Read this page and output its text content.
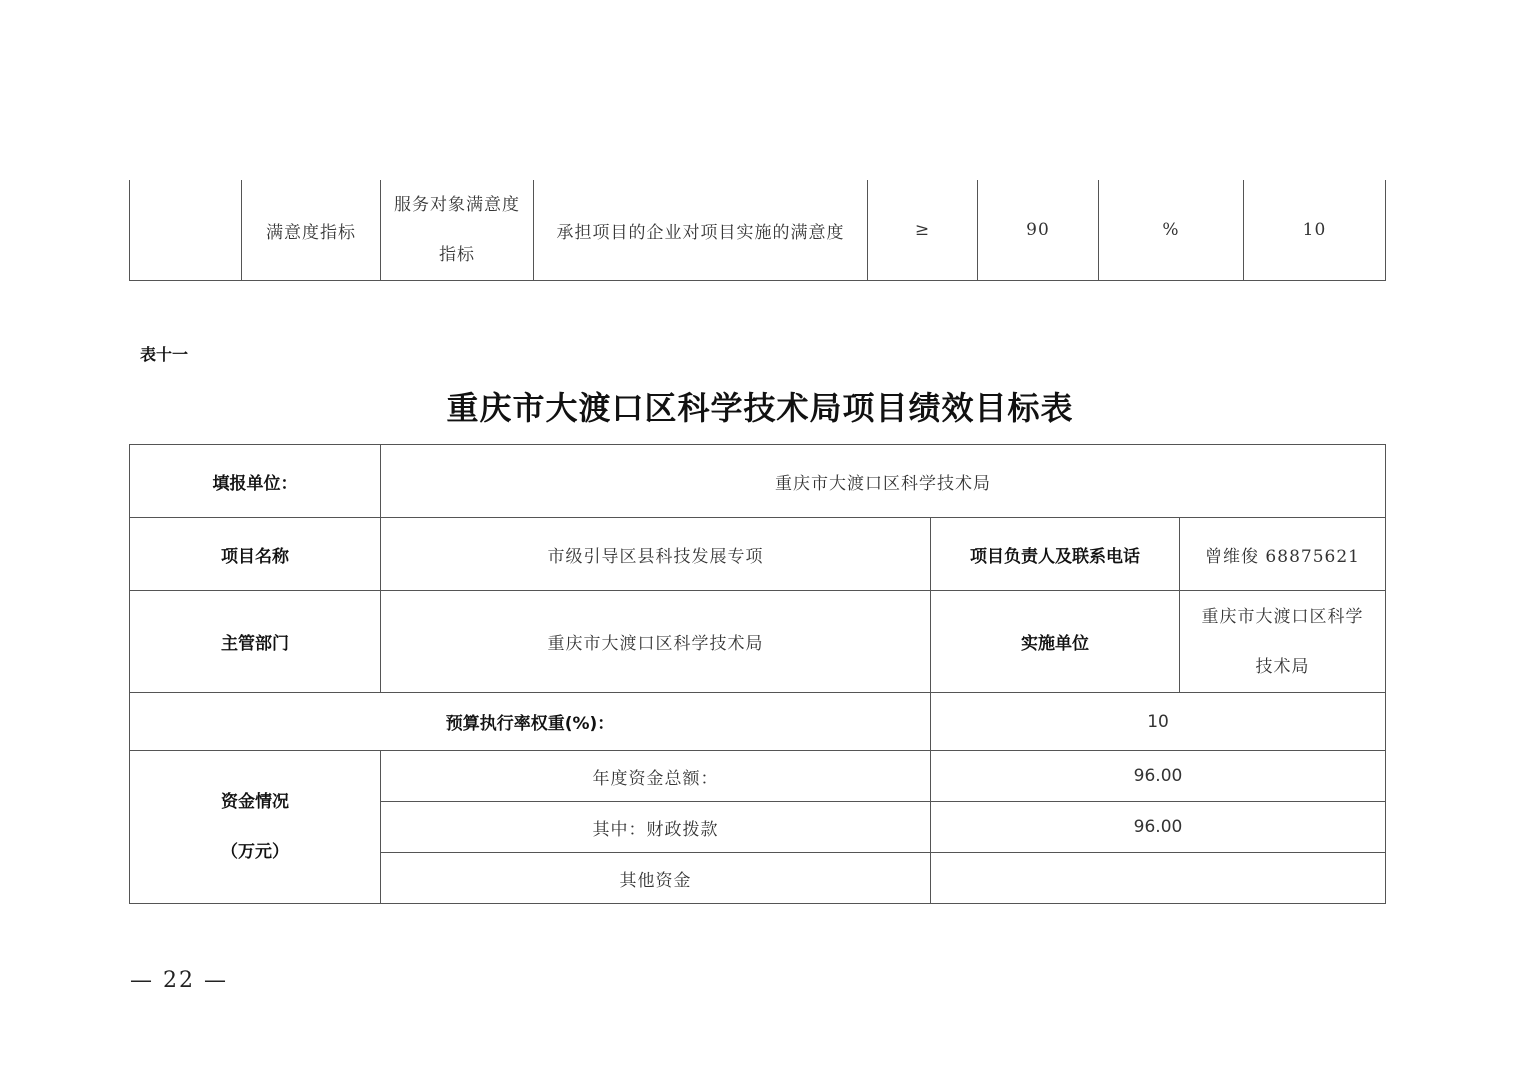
	满意度指标	服务对象满意度
指标	承担项目的企业对项目实施的满意度	≥	90	%	10
表十一
重庆市大渡口区科学技术局项目绩效目标表
填报单位：	重庆市大渡口区科学技术局		
项目名称	市级引导区县科技发展专项	项目负责人及联系电话	曾维俊 68875621
主管部门	重庆市大渡口区科学技术局	实施单位	重庆市大渡口区科学
技术局
预算执行率权重(%)：		10	
资金情况
（万元）	年度资金总额：	96.00	
	其中：财政拨款	96.00	
	其他资金		
— 22 —
